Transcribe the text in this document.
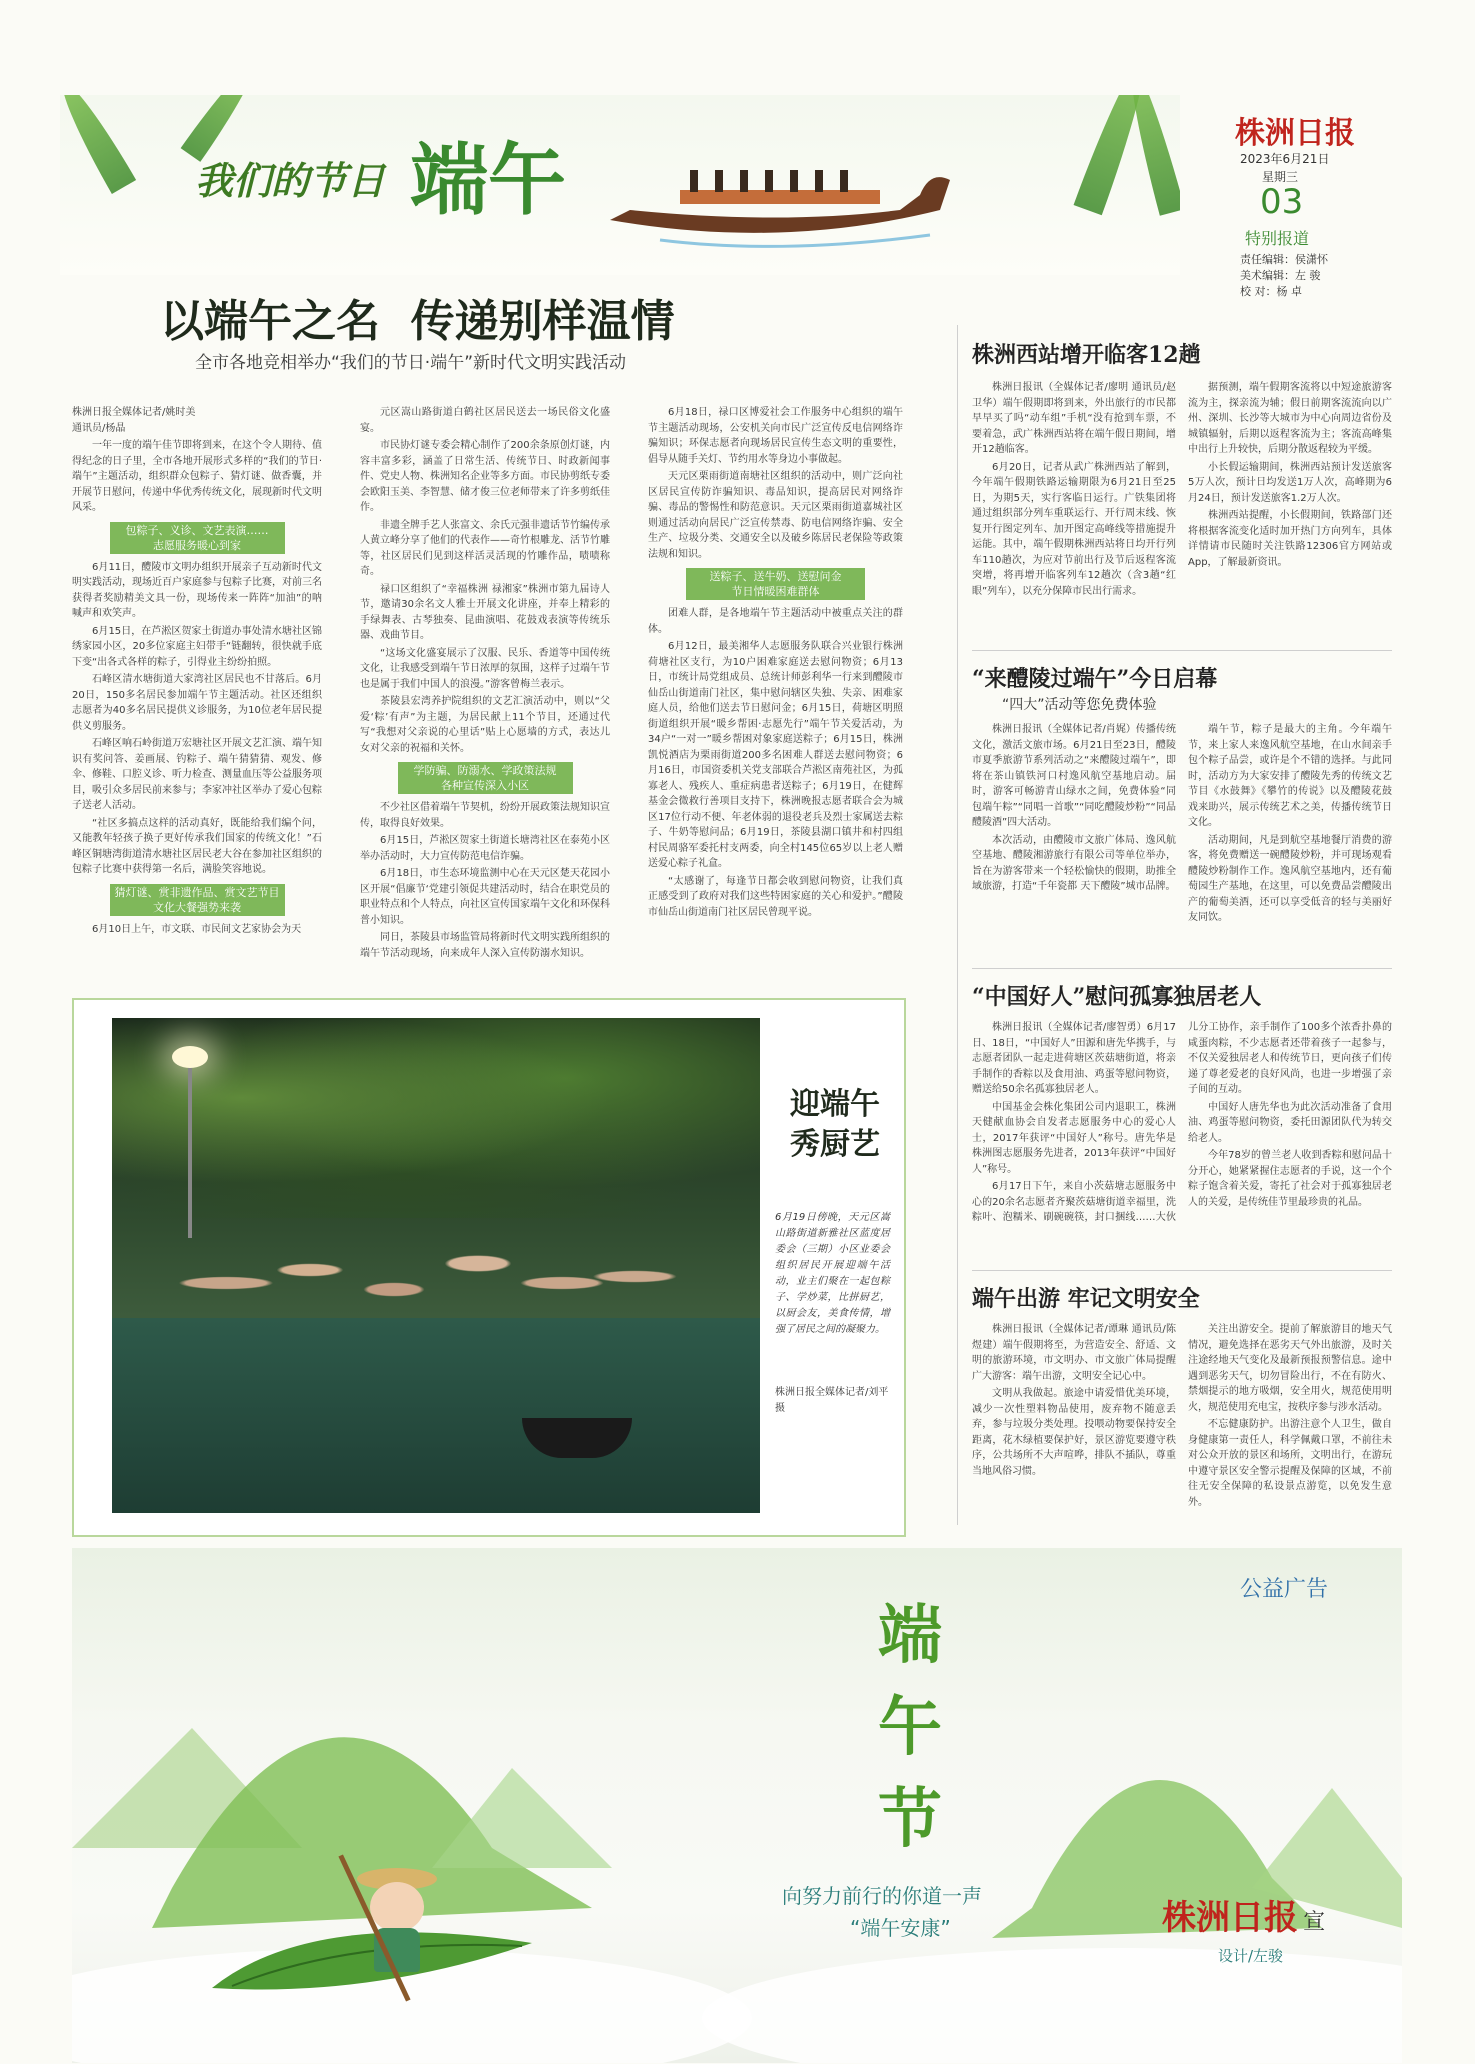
我们的节日 端午
株洲日报
2023年6月21日
星期三
03
特别报道
责任编辑：侯潇怀
美术编辑：左 骏
校 对：杨 卓
以端午之名  传递别样温情
全市各地竞相举办“我们的节日·端午”新时代文明实践活动

株洲日报全媒体记者/姚时美
通讯员/杨晶

一年一度的端午佳节即将到来，在这个令人期待、值得纪念的日子里，全市各地开展形式多样的“我们的节日·端午”主题活动，组织群众包粽子、猜灯谜、做香囊，并开展节日慰问，传递中华优秀传统文化，展现新时代文明风采。

包粽子、义诊、文艺表演……
志愿服务暖心到家

6月11日，醴陵市文明办组织开展亲子互动新时代文明实践活动，现场近百户家庭参与包粽子比赛，对前三名获得者奖励精美文具一份，现场传来一阵阵“加油”的呐喊声和欢笑声。

6月15日，在芦淞区贺家土街道办事处清水塘社区锦绣家园小区，20多位家庭主妇带手“链翻转，很快就手底下变“出各式各样的粽子，引得业主纷纷拍照。

石峰区清水塘街道大家湾社区居民也不甘落后。6月20日，150多名居民参加端午节主题活动。社区还组织志愿者为40多名居民提供义诊服务，为10位老年居民提供义剪服务。

石峰区响石岭街道万宏塘社区开展文艺汇演、端午知识有奖问答、姜画展、钓粽子、端午猜猜猜、观发、修伞、修鞋、口腔义诊、听力检查、测量血压等公益服务项目，吸引众多居民前来参与；李家冲社区举办了爱心包粽子送老人活动。

“社区多搞点这样的活动真好，既能给我们编个问，又能教年轻孩子换子更好传承我们国家的传统文化！”石峰区铜塘湾街道清水塘社区居民老大谷在参加社区组织的包粽子比赛中获得第一名后，满脸笑容地说。

猜灯谜、赏非遗作品、赏文艺节目
文化大餐强势来袭

6月10日上午，市文联、市民间文艺家协会为天

元区嵩山路街道白鹤社区居民送去一场民俗文化盛宴。

市民协灯谜专委会精心制作了200余条原创灯谜，内容丰富多彩，涵盖了日常生活、传统节日、时政新闻事件、党史人物、株洲知名企业等多方面。市民协剪纸专委会欧阳玉美、李智慧、储才俊三位老师带来了许多剪纸佳作。

非遗全牌手艺人张富文、余氏元强非遗话节竹编传承人黄立峰分享了他们的代表作——奇竹根雕龙、活节竹雕等，社区居民们见到这样活灵活现的竹雕作品，啧啧称奇。

禄口区组织了“幸福株洲 禄湘家”株洲市第九届诗人节，邀请30余名文人雅士开展文化讲座，并奉上精彩的手绿舞表、古琴独奏、昆曲演唱、花鼓戏表演等传统乐器、戏曲节目。

“这场文化盛宴展示了汉服、民乐、香道等中国传统文化，让我感受到端午节日浓厚的氛围，这样子过端午节也是属于我们中国人的浪漫。”游客曾梅兰表示。

茶陵县宏湾养护院组织的文艺汇演活动中，则以“父爱‘粽’有声”为主题，为居民献上11个节目，还通过代写“我想对父亲说的心里话”贴上心愿墙的方式，表达儿女对父亲的祝福和关怀。

学防骗、防溺水、学政策法规
各种宣传深入小区

不少社区借着端午节契机，纷纷开展政策法规知识宣传，取得良好效果。

6月15日，芦淞区贺家土街道长塘湾社区在泰苑小区举办活动时，大力宣传防范电信诈骗。

6月18日，市生态环境监测中心在天元区楚天花园小区开展“倡廉节‘党建引领促共建活动时，结合在职党员的职业特点和个人特点，向社区宣传国家端午文化和环保科普小知识。

同日，茶陵县市场监管局将新时代文明实践所组织的端午节活动现场，向来成年人深入宣传防溺水知识。

6月18日，禄口区博爱社会工作服务中心组织的端午节主题活动现场，公安机关向市民广泛宣传反电信网络诈骗知识；环保志愿者向现场居民宣传生态文明的重要性，倡导从随手关灯、节约用水等身边小事做起。

天元区栗雨街道南塘社区组织的活动中，则广泛向社区居民宣传防诈骗知识、毒品知识，提高居民对网络诈骗、毒品的警惕性和防范意识。天元区栗雨街道嘉城社区则通过活动向居民广泛宣传禁毒、防电信网络诈骗、安全生产、垃圾分类、交通安全以及破乡陈居民老保险等政策法规和知识。

送粽子、送牛奶、送慰问金
节日情暖困难群体

团难人群，是各地端午节主题活动中被重点关注的群体。

6月12日，最美湘华人志愿服务队联合兴业银行株洲荷塘社区支行，为10户困难家庭送去慰问物资；6月13日，市统计局党组成员、总统计师彭利华一行来到醴陵市仙岳山街道南门社区，集中慰问辖区失独、失亲、困难家庭人员，给他们送去节日慰问金；6月15日，荷塘区明照街道组织开展“暖乡帮困·志愿先行”端午节关爱活动，为34户“一对一”暖乡帮困对象家庭送粽子；6月15日，株洲凯悦酒店为栗雨街道200多名困难人群送去慰问物资；6月16日，市国资委机关党支部联合芦淞区南苑社区，为孤寡老人、残疾人、重症病患者送粽子；6月19日，在健辉基金会微救行善项目支持下，株洲晚报志愿者联合会为城区17位行动不便、年老体弱的退役老兵及烈士家属送去粽子、牛奶等慰问品；6月19日，茶陵县湖口镇井和村四组村民周骆军委托村支两委，向全村145位65岁以上老人赠送爱心粽子礼盒。

“太感谢了，每逢节日都会收到慰问物资，让我们真正感受到了政府对我们这些特困家庭的关心和爱护。”醴陵市仙岳山街道南门社区居民曾现平说。

迎端午
秀厨艺
6月19日傍晚，天元区嵩山路街道新雅社区蓝度居委会（三期）小区业委会组织居民开展迎端午活动，业主们聚在一起包粽子、学炒菜，比拼厨艺，以厨会友，美食传情，增强了居民之间的凝聚力。
株洲日报全媒体记者/刘平 摄
株洲西站增开临客12趟

株洲日报讯（全媒体记者/廖明 通讯员/赵卫华）端午假期即将到来，外出旅行的市民都早早买了吗“动车组”手机“没有抢到车票，不要着急，武广株洲西站将在端午假日期间，增开12趟临客。

6月20日，记者从武广株洲西站了解到，今年端午假期铁路运输期限为6月21日至25日，为期5天，实行客临日运行。广铁集团将通过组织部分列车重联运行、开行周末线、恢复开行图定列车、加开图定高峰线等措施提升运能。其中，端午假期株洲西站将日均开行列车110趟次，为应对节前出行及节后返程客流突增，将再增开临客列车12趟次（含3趟“红眼”列车），以充分保障市民出行需求。

据预测，端午假期客流将以中短途旅游客流为主，探亲流为辅；假日前期客流流向以广州、深圳、长沙等大城市为中心向周边省份及城镇辐射，后期以返程客流为主；客流高峰集中出行上升较快，后期分散返程较为平缓。

小长假运输期间，株洲西站预计发送旅客5万人次，预计日均发送1万人次，高峰期为6月24日，预计发送旅客1.2万人次。

株洲西站提醒，小长假期间，铁路部门还将根据客流变化适时加开热门方向列车，具体详情请市民随时关注铁路12306官方网站或App，了解最新资讯。

“来醴陵过端午”今日启幕
“四大”活动等您免费体验

株洲日报讯（全媒体记者/肖娓）传播传统文化，激活文旅市场。6月21日至23日，醴陵市夏季旅游节系列活动之“来醴陵过端午”，即将在茶山镇铁河口村逸风航空基地启动。届时，游客可畅游青山绿水之间，免费体验“同包端午粽”“同唱一首歌”“同吃醴陵炒粉”“同品醴陵酒”四大活动。

本次活动，由醴陵市文旅广体局、逸风航空基地、醴陵湘游旅行有限公司等单位举办，旨在为游客带来一个轻松愉快的假期，助推全域旅游，打造“千年瓷都 天下醴陵”城市品牌。

端午节，粽子是最大的主角。今年端午节，来上家人来逸风航空基地，在山水间亲手包个粽子品尝，或许是个不错的选择。与此同时，活动方为大家安排了醴陵先秀的传统文艺节目《水鼓舞》《攀竹的传说》以及醴陵花鼓戏来助兴，展示传统艺术之美，传播传统节日文化。

活动期间，凡是到航空基地餐厅消费的游客，将免费赠送一碗醴陵炒粉，并可现场观看醴陵炒粉制作工作。逸风航空基地内，还有葡萄园生产基地，在这里，可以免费品尝醴陵出产的葡萄美酒，还可以享受低音的轻与美丽好友同饮。

“中国好人”慰问孤寡独居老人

株洲日报讯（全媒体记者/廖智勇）6月17日、18日，“中国好人”田源和唐先华携手，与志愿者团队一起走进荷塘区茨菇塘街道，将亲手制作的香粽以及食用油、鸡蛋等慰问物资，赠送给50余名孤寡独居老人。

中国基金会株化集团公司内退职工，株洲天健献血协会自发者志愿服务中心的爱心人士，2017年获评“中国好人”称号。唐先华是株洲图志愿服务先进者，2013年获评“中国好人”称号。

6月17日下午，来自小茨菇塘志愿服务中心的20余名志愿者齐聚茨菇塘街道幸福里，洗粽叶、泡糯米、刷碗碗筷，封口捆线……大伙儿分工协作，亲手制作了100多个浓香扑鼻的咸蛋肉粽，不少志愿者还带着孩子一起参与，不仅关爱独居老人和传统节日，更向孩子们传递了尊老爱老的良好风尚，也进一步增强了亲子间的互动。

中国好人唐先华也为此次活动准备了食用油、鸡蛋等慰问物资，委托田源团队代为转交给老人。

今年78岁的曾兰老人收到香粽和慰问品十分开心，她紧紧握住志愿者的手说，这一个个粽子饱含着关爱，寄托了社会对于孤寡独居老人的关爱，是传统佳节里最珍贵的礼品。

端午出游 牢记文明安全

株洲日报讯（全媒体记者/谭琳 通讯员/陈煜建）端午假期将至，为营造安全、舒适、文明的旅游环境，市文明办、市文旅广体局提醒广大游客：端午出游，文明安全记心中。

文明从我做起。旅途中请爱惜优美环境，减少一次性塑料物品使用，废弃物不随意丢弃，参与垃圾分类处理。投喂动物要保持安全距离，花木绿植要保护好，景区游览要遵守秩序，公共场所不大声喧哗，排队不插队，尊重当地风俗习惯。

关注出游安全。提前了解旅游目的地天气情况，避免选择在恶劣天气外出旅游，及时关注途经地天气变化及最新预报预警信息。途中遇到恶劣天气，切勿冒险出行，不在有防火、禁烟提示的地方吸烟，安全用火，规范使用明火，规范使用充电宝，按秩序参与涉水活动。

不忘健康防护。出游注意个人卫生，做自身健康第一责任人，科学佩戴口罩，不前往未对公众开放的景区和场所，文明出行，在游玩中遵守景区安全警示提醒及保障的区域，不前往无安全保障的私设景点游览，以免发生意外。

公益广告
端
午
节
向努力前行的你道一声
“端午安康”	株洲日报 宣
设计/左骏
